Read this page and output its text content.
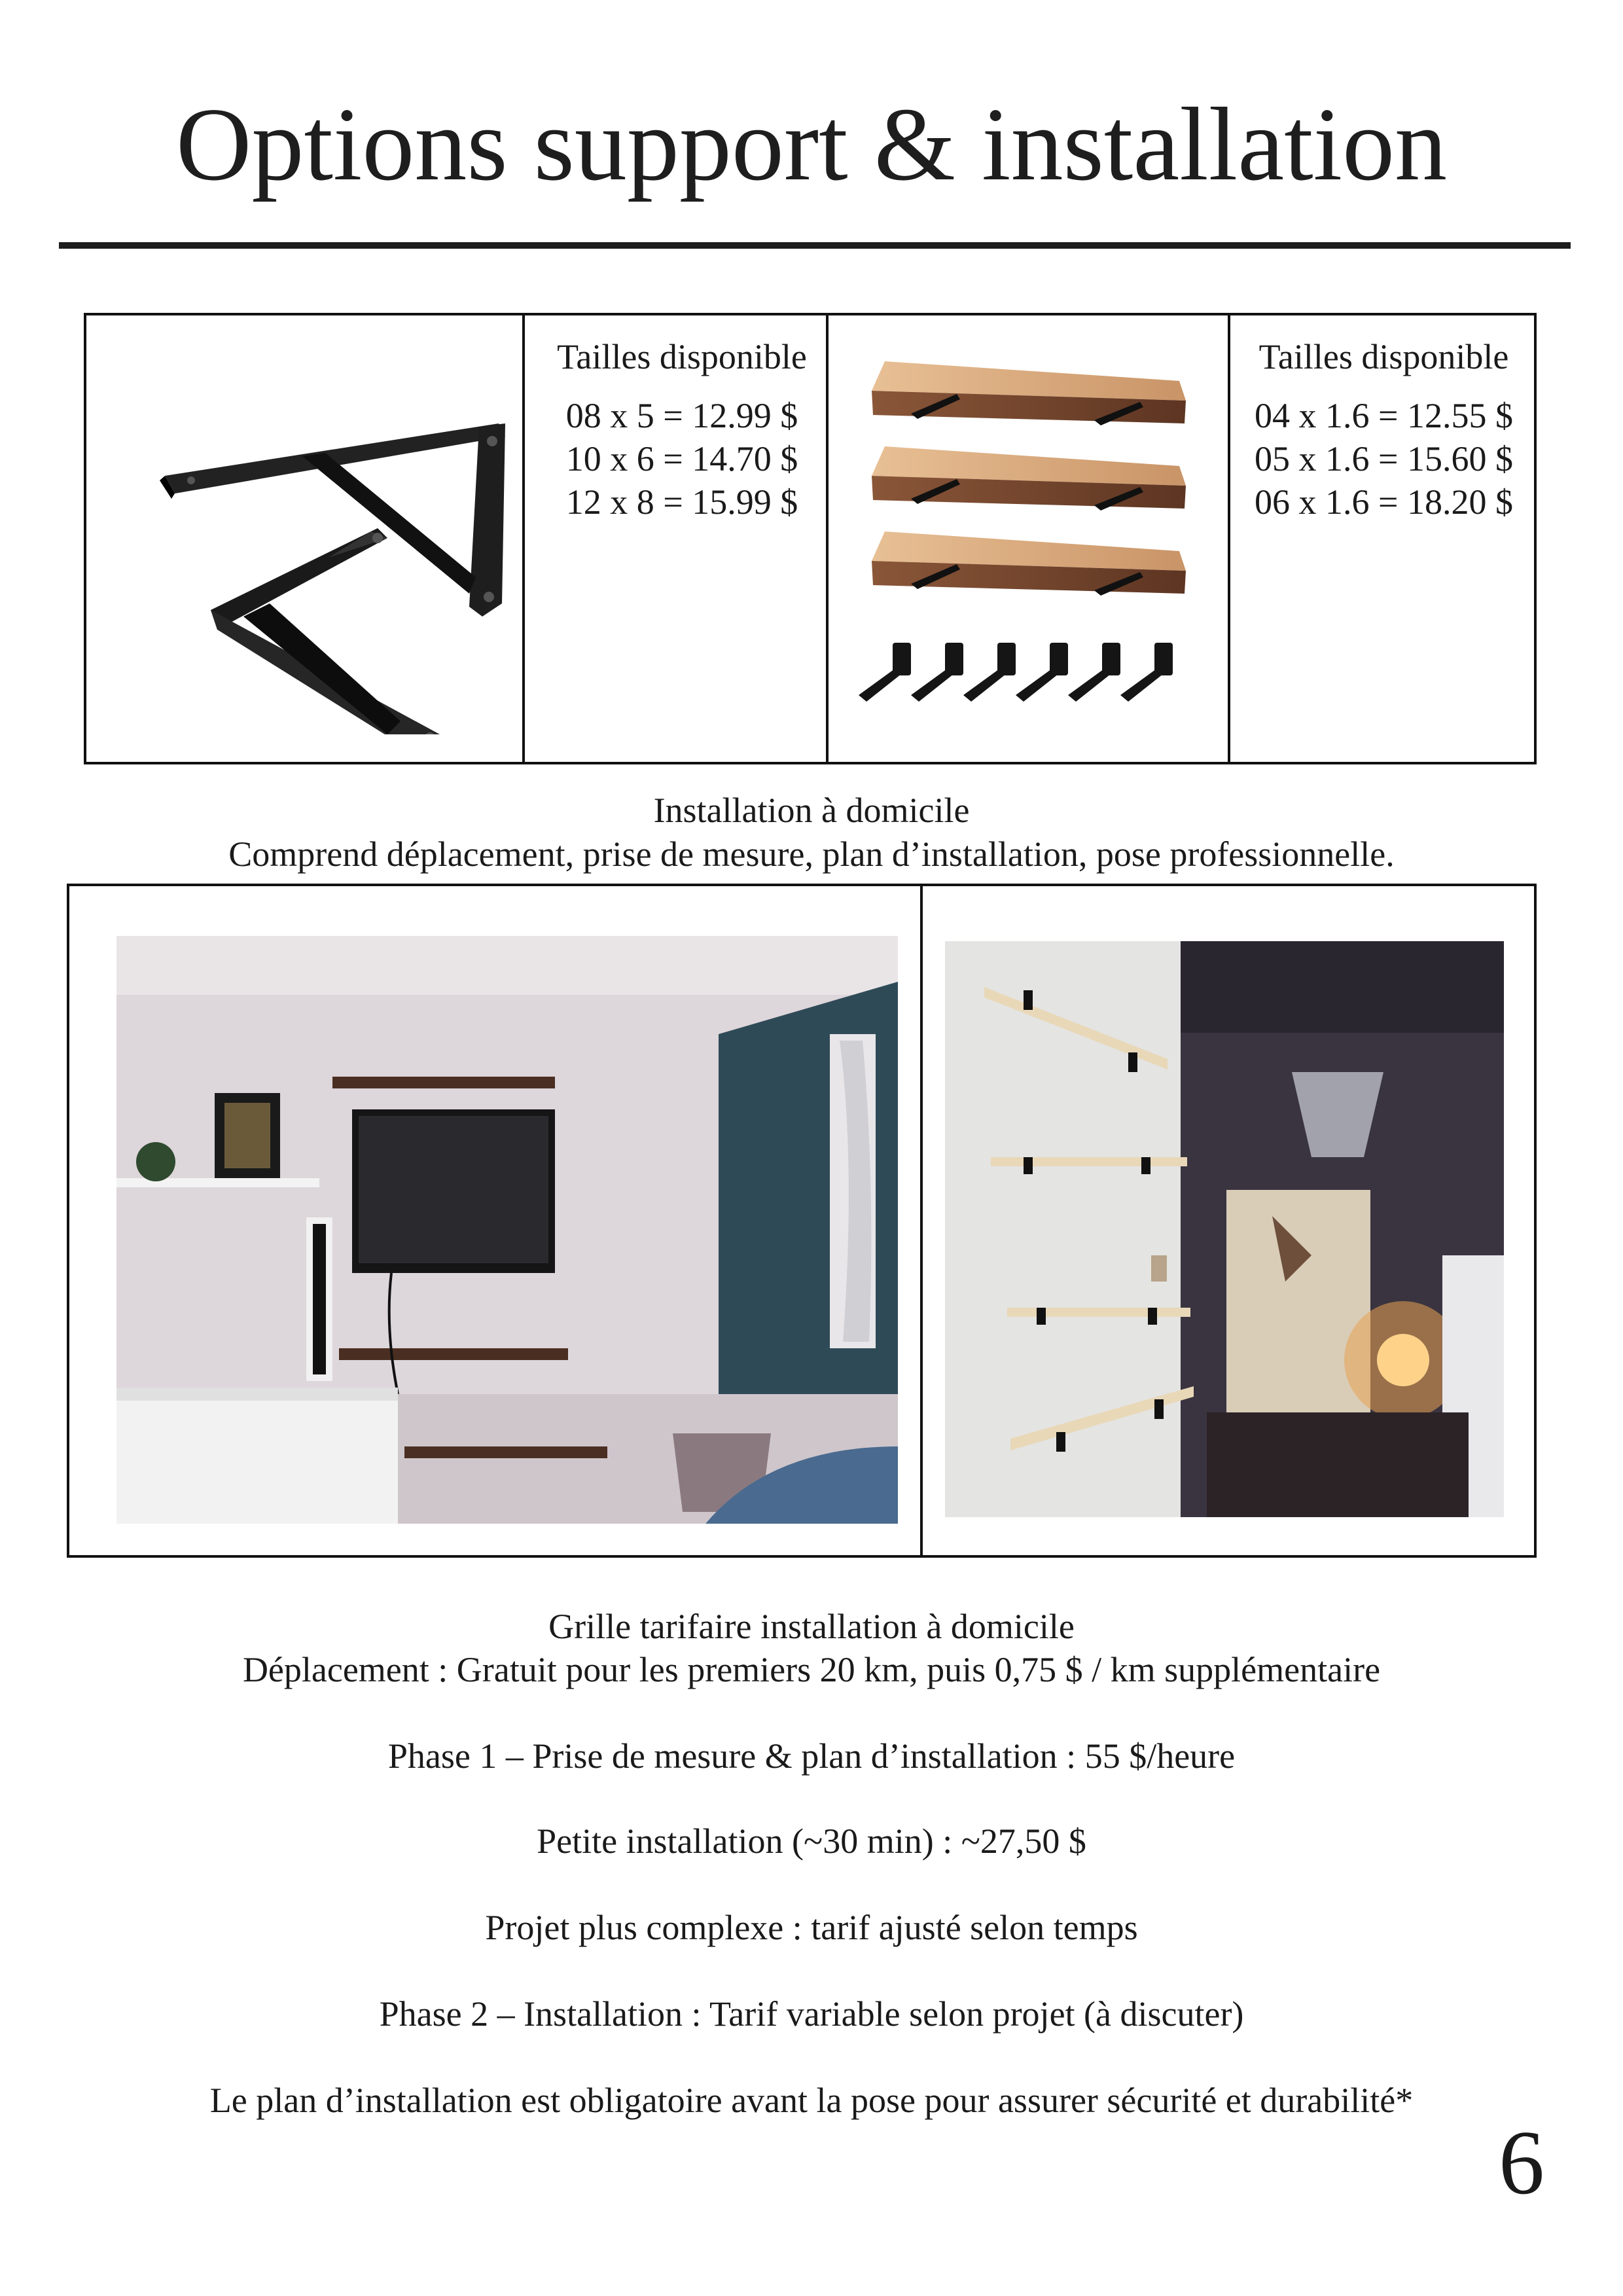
Options support & installation
Tailles disponible
08 x 5 = 12.99 $
10 x 6 = 14.70 $
12 x 8 = 15.99 $
Tailles disponible
04 x 1.6 = 12.55 $
05 x 1.6 = 15.60 $
06 x 1.6 = 18.20 $
Installation à domicile
Comprend déplacement, prise de mesure, plan d’installation, pose professionnelle.
Grille tarifaire installation à domicile
Déplacement : Gratuit pour les premiers 20 km, puis 0,75 $ / km supplémentaire
Phase 1 – Prise de mesure & plan d’installation : 55 $/heure
Petite installation (~30 min) : ~27,50 $
Projet plus complexe : tarif ajusté selon temps
Phase 2 – Installation : Tarif variable selon projet (à discuter)
Le plan d’installation est obligatoire avant la pose pour assurer sécurité et durabilité*
6
